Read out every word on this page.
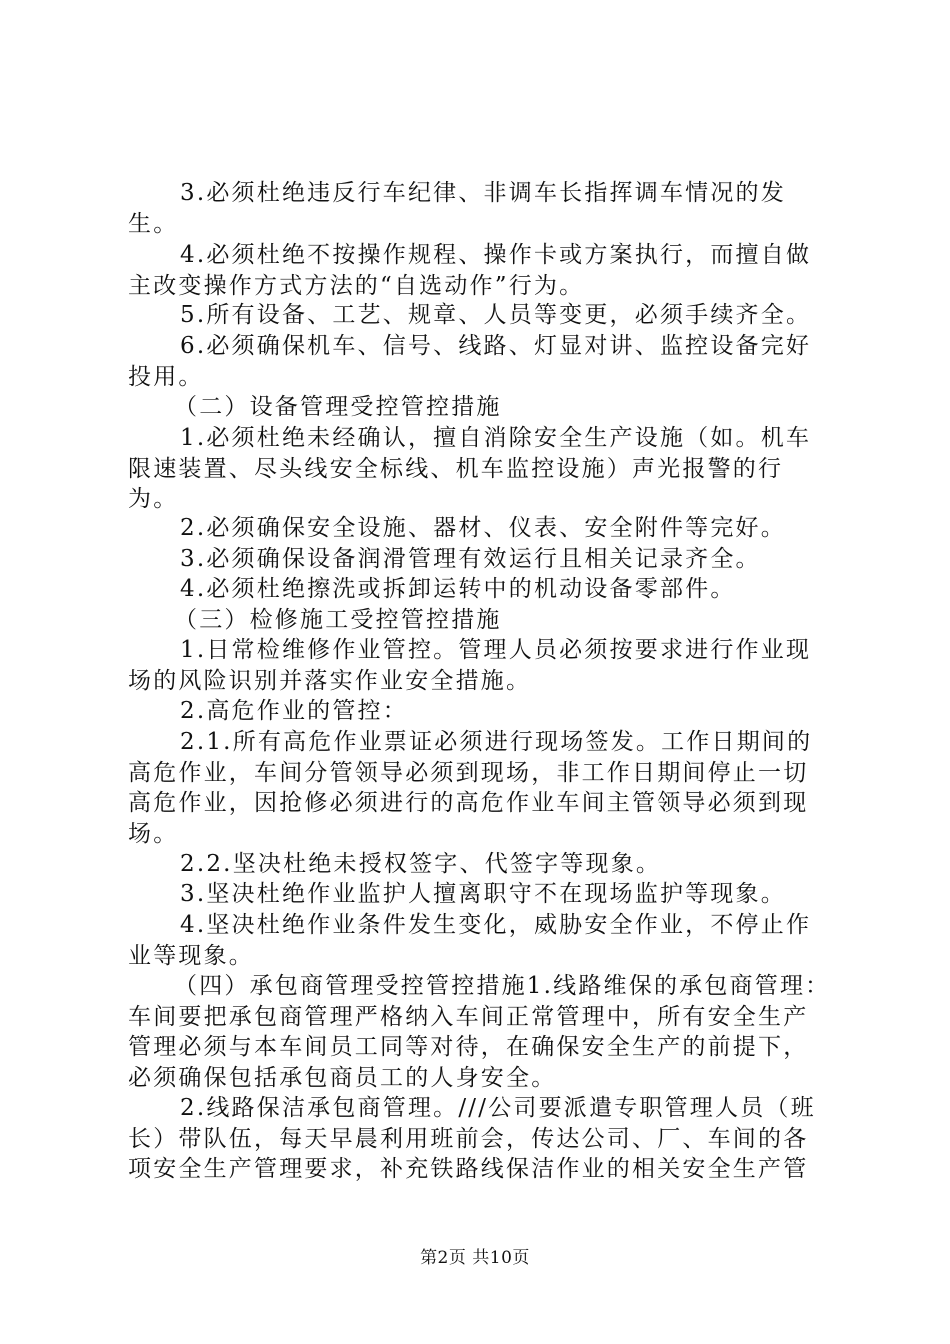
3.必须杜绝违反行车纪律、非调车长指挥调车情况的发生。
4.必须杜绝不按操作规程、操作卡或方案执行，而擅自做主改变操作方式方法的“自选动作”行为。
5.所有设备、工艺、规章、人员等变更，必须手续齐全。
6.必须确保机车、信号、线路、灯显对讲、监控设备完好投用。
（二）设备管理受控管控措施
1.必须杜绝未经确认，擅自消除安全生产设施（如。机车限速装置、尽头线安全标线、机车监控设施）声光报警的行为。
2.必须确保安全设施、器材、仪表、安全附件等完好。
3.必须确保设备润滑管理有效运行且相关记录齐全。
4.必须杜绝擦洗或拆卸运转中的机动设备零部件。
（三）检修施工受控管控措施
1.日常检维修作业管控。管理人员必须按要求进行作业现场的风险识别并落实作业安全措施。
2.高危作业的管控：
2.1.所有高危作业票证必须进行现场签发。工作日期间的高危作业，车间分管领导必须到现场，非工作日期间停止一切高危作业，因抢修必须进行的高危作业车间主管领导必须到现场。
2.2.坚决杜绝未授权签字、代签字等现象。
3.坚决杜绝作业监护人擅离职守不在现场监护等现象。
4.坚决杜绝作业条件发生变化，威胁安全作业，不停止作业等现象。
（四）承包商管理受控管控措施1.线路维保的承包商管理：车间要把承包商管理严格纳入车间正常管理中，所有安全生产管理必须与本车间员工同等对待，在确保安全生产的前提下，必须确保包括承包商员工的人身安全。
2.线路保洁承包商管理。///公司要派遣专职管理人员（班长）带队伍，每天早晨利用班前会，传达公司、厂、车间的各项安全生产管理要求，补充铁路线保洁作业的相关安全生产管
第2页 共10页
